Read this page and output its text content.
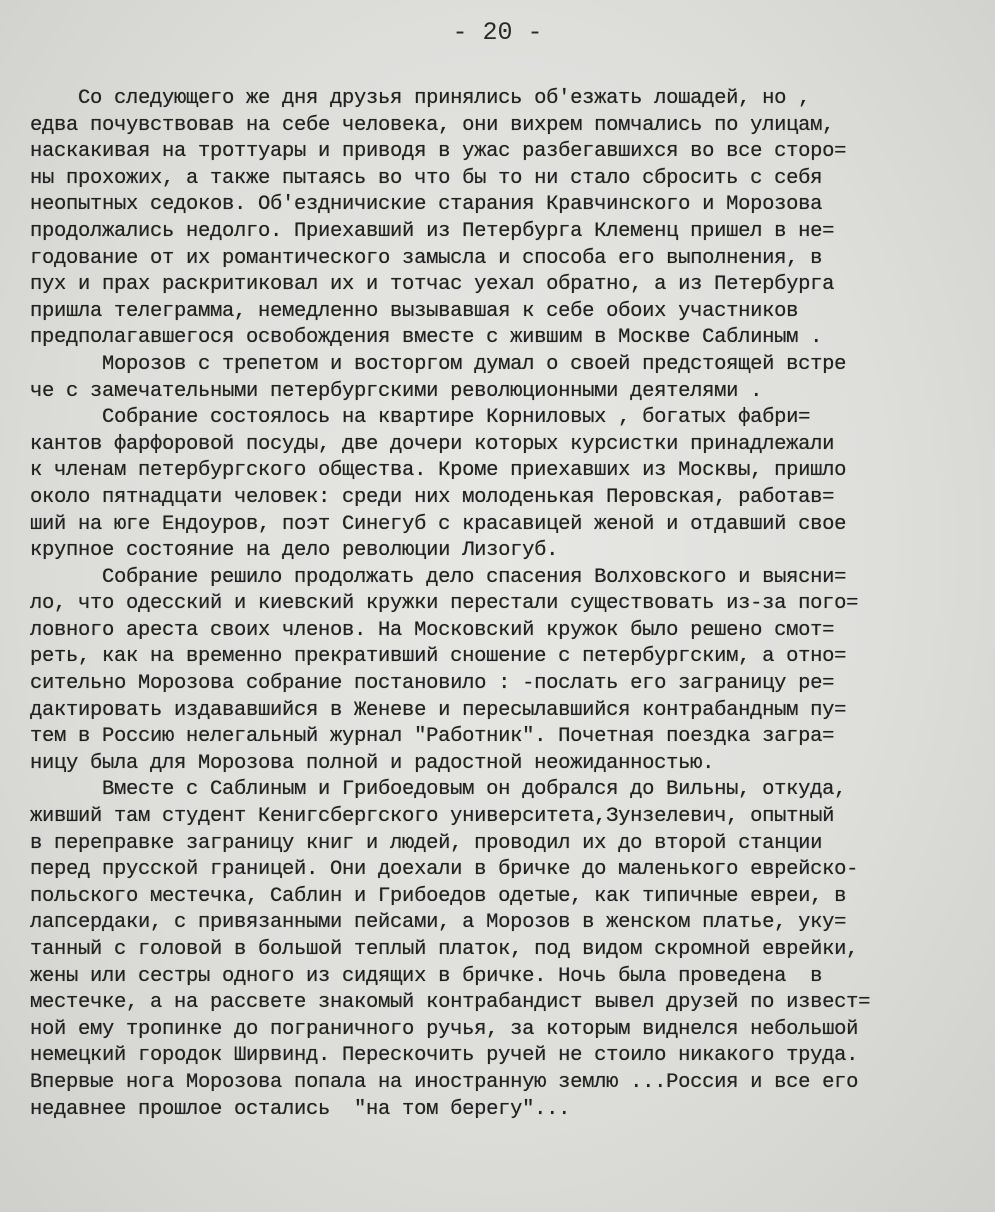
- 20 -
Со следующего же дня друзья принялись об'езжать лошадей, но ,
едва почувствовав на себе человека, они вихрем помчались по улицам,
наскакивая на троттуары и приводя в ужас разбегавшихся во все сторо=
ны прохожих, а также пытаясь во что бы то ни стало сбросить с себя
неопытных седоков. Об'ездничиские старания Кравчинского и Морозова
продолжались недолго. Приехавший из Петербурга Клеменц пришел в не=
годование от их романтического замысла и способа его выполнения, в
пух и прах раскритиковал их и тотчас уехал обратно, а из Петербурга
пришла телеграмма, немедленно вызывавшая к себе обоих участников
предполагавшегося освобождения вместе с жившим в Москве Саблиным .
Морозов с трепетом и восторгом думал о своей предстоящей встре
че с замечательными петербургскими революционными деятелями .
Собрание состоялось на квартире Корниловых , богатых фабри=
кантов фарфоровой посуды, две дочери которых курсистки принадлежали
к членам петербургского общества. Кроме приехавших из Москвы, пришло
около пятнадцати человек: среди них молоденькая Перовская, работав=
ший на юге Ендоуров, поэт Синегуб с красавицей женой и отдавший свое
крупное состояние на дело революции Лизогуб.
Собрание решило продолжать дело спасения Волховского и выясни=
ло, что одесский и киевский кружки перестали существовать из-за пого=
ловного ареста своих членов. На Московский кружок было решено смот=
реть, как на временно прекративший сношение с петербургским, а отно=
сительно Морозова собрание постановило : -послать его заграницу ре=
дактировать издававшийся в Женеве и пересылавшийся контрабандным пу=
тем в Россию нелегальный журнал "Работник". Почетная поездка загра=
ницу была для Морозова полной и радостной неожиданностью.
Вместе с Саблиным и Грибоедовым он добрался до Вильны, откуда,
живший там студент Кенигсбергского университета,Зунзелевич, опытный
в переправке заграницу книг и людей, проводил их до второй станции
перед прусской границей. Они доехали в бричке до маленького еврейско-
польского местечка, Саблин и Грибоедов одетые, как типичные евреи, в
лапсердаки, с привязанными пейсами, а Морозов в женском платье, уку=
танный с головой в большой теплый платок, под видом скромной еврейки,
жены или сестры одного из сидящих в бричке. Ночь была проведена  в
местечке, а на рассвете знакомый контрабандист вывел друзей по извест=
ной ему тропинке до пограничного ручья, за которым виднелся небольшой
немецкий городок Ширвинд. Перескочить ручей не стоило никакого труда.
Впервые нога Морозова попала на иностранную землю ...Россия и все его
недавнее прошлое остались  "на том берегу"...
